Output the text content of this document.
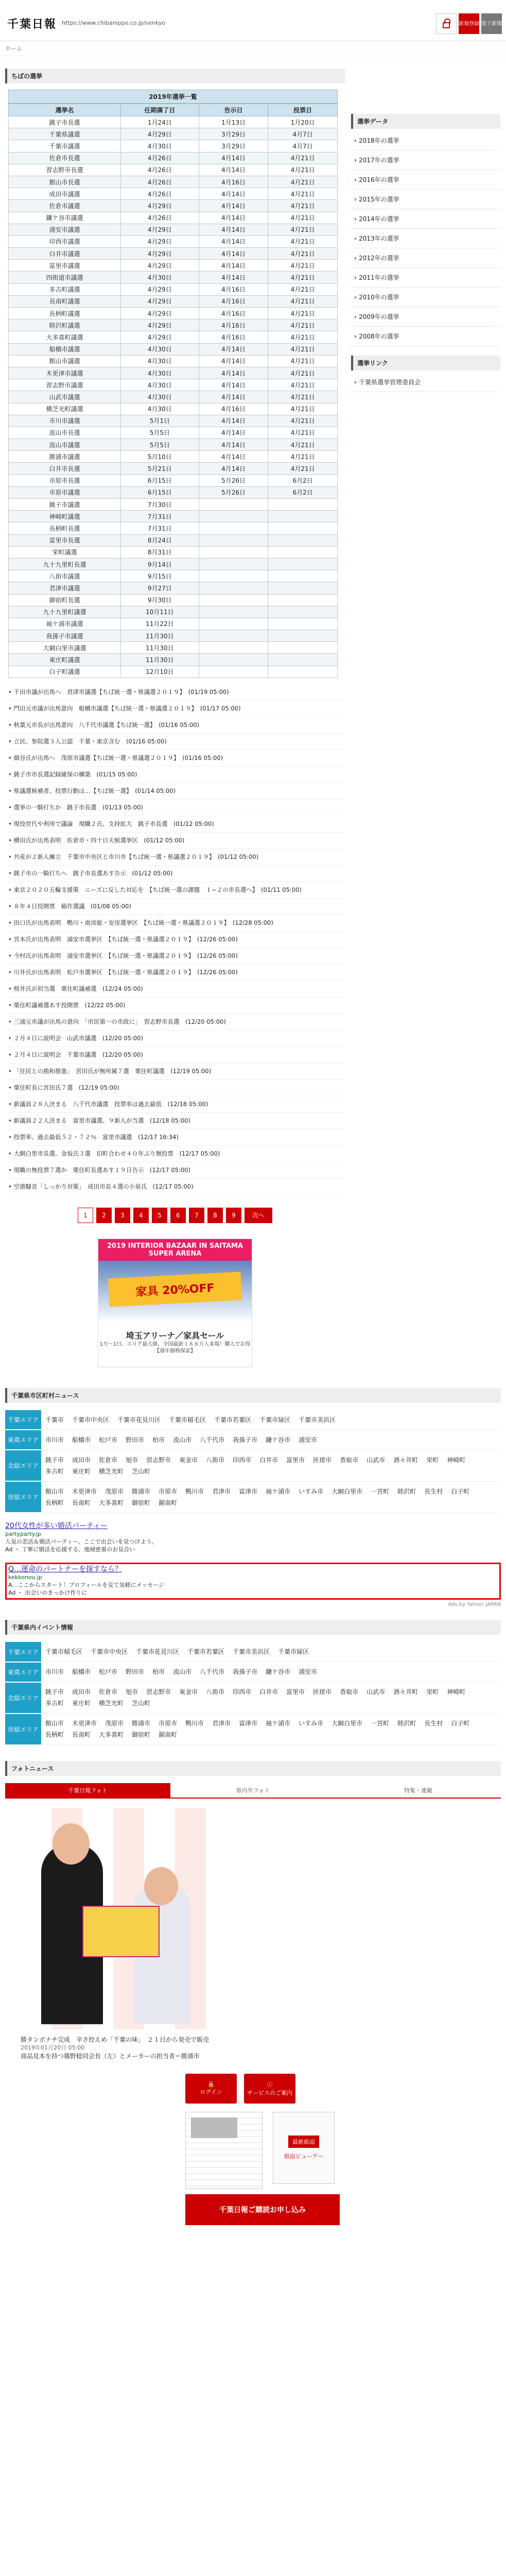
千葉日報 https://www.chibanippo.co.jp/senkyo	新規登録 電子新聞
ホーム
ちばの選挙
2019年選挙一覧
選挙名	任期満了日	告示日	投票日
銚子市長選	1月24日	1月13日	1月20日
千葉県議選	4月29日	3月29日	4月7日
千葉市議選	4月30日	3月29日	4月7日
佐倉市長選	4月26日	4月14日	4月21日
習志野市長選	4月26日	4月14日	4月21日
館山市長選	4月26日	4月16日	4月21日
成田市議選	4月26日	4月14日	4月21日
佐倉市議選	4月29日	4月14日	4月21日
鎌ケ谷市議選	4月26日	4月14日	4月21日
浦安市議選	4月29日	4月14日	4月21日
印西市議選	4月29日	4月14日	4月21日
白井市議選	4月29日	4月14日	4月21日
富里市議選	4月29日	4月14日	4月21日
四街道市議選	4月30日	4月14日	4月21日
多古町議選	4月29日	4月16日	4月21日
長南町議選	4月29日	4月16日	4月21日
長柄町議選	4月29日	4月16日	4月21日
睦沢町議選	4月29日	4月16日	4月21日
大多喜町議選	4月29日	4月16日	4月21日
船橋市議選	4月30日	4月14日	4月21日
館山市議選	4月30日	4月14日	4月21日
木更津市議選	4月30日	4月14日	4月21日
習志野市議選	4月30日	4月14日	4月21日
山武市議選	4月30日	4月14日	4月21日
横芝光町議選	4月30日	4月16日	4月21日
市川市議選	5月1日	4月14日	4月21日
流山市長選	5月5日	4月14日	4月21日
流山市議選	5月5日	4月14日	4月21日
勝浦市議選	5月10日	4月14日	4月21日
白井市長選	5月21日	4月14日	4月21日
市原市長選	6月15日	5月26日	6月2日
市原市議選	6月15日	5月26日	6月2日
銚子市議選	7月30日		
神崎町議選	7月31日		
長柄町長選	7月31日		
富里市長選	8月24日		
栄町議選	8月31日		
九十九里町長選	9月14日		
八街市議選	9月15日		
君津市議選	9月27日		
御宿町長選	9月30日		
九十九里町議選	10月11日		
袖ケ浦市議選	11月22日		
我孫子市議選	11月30日		
大網白里市議選	11月30日		
東庄町議選	11月30日		
白子町議選	12月10日		
• 千田市議が出馬へ　君津市議選【ちば統一選・県議選２０１９】　(01/19 05:00)
• 門田元市議が出馬意向　船橋市議選【ちば統一選・県議選２０１９】　(01/17 05:00)
• 秋葉元市長が出馬意向　八千代市議選【ちば統一選】　(01/16 05:00)
• 立民、参院選３人公認　千葉・東京含む　(01/16 05:00)
• 細谷氏が出馬へ　茂原市議選【ちば統一選・県議選２０１９】　(01/16 05:00)
• 銚子市市長選記録確保の構築　(01/15 05:00)
• 県議選候補者、投票行動は…【ちば統一選】　(01/14 05:00)
• 選挙の一騎打ちか　銚子市長選　(01/13 05:00)
• 現役世代や利用で議論　現職２氏、支持拡大　銚子市長選　(01/12 05:00)
• 横田氏が出馬表明　佐倉市・四十日天候選挙区　(01/12 05:00)
• 共産が２新人擁立　千葉市中央区と市川市【ちば統一選・県議選２０１９】　(01/12 05:00)
• 銚子市の一騎打ちへ　銚子市長選あす告示　(01/12 05:00)
• 東京２０２０五輪支援策　ニーズに反した対応を　【ちば統一選の課題　１−２の市長選へ】　(01/11 05:00)
• ８年４日投開票　稲作選議　(01/08 05:00)
• 田口氏が出馬表明　鴨川・南房総・安房選挙区　【ちば統一選・県議選２０１９】　(12/28 05:00)
• 宮本氏が出馬表明　浦安市選挙区　【ちば統一選・県議選２０１９】　(12/26 05:00)
• 今村氏が出馬表明　浦安市選挙区　【ちば統一選・県議選２０１９】　(12/26 05:00)
• 川井氏が出馬表明　松戸市選挙区　【ちば統一選・県議選２０１９】　(12/26 05:00)
• 桜井氏が初当選　栗住町議補選　(12/24 05:00)
• 栗住町議補選あす投開票　(12/22 05:00)
• 三浦元市議が出馬の意向　「市民第一の市政に」　習志野市長選　(12/20 05:00)
• ２月４日に説明会　山武市議選　(12/20 05:00)
• ２月４日に説明会　千葉市議選　(12/20 05:00)
• 「住民との勘和推進」　宮田氏が無所属７選　栗住町議選　(12/19 05:00)
• 栗住町長に宮田氏７選　(12/19 05:00)
• 新議員２８人決まる　八千代市議選　投票率は過去最低　(12/18 05:00)
• 新議員２２人決まる　富里市議選、９新人が当選　(12/18 05:00)
• 投票率、過去最低５２・７２％　富里市議選　(12/17 16:34)
• 大網白里市長選、金坂氏３選　旧町合わせ４０年ぶり無投票　(12/17 05:00)
• 現職の無投票７選か　栗住町長選あす１９日告示　(12/17 05:00)
• 空港騒音「しっかり対策」　成田市長４選の小泉氏　(12/17 05:00)
1	2	3	4	5	6	7	8	9	次へ
2019 INTERIOR BAZAAR IN SAITAMA SUPER ARENA
家具 20%OFF
埼玉アリーナ／家具セール
1月〜1日、エリア最大級、全国最新１８８万人来場！購入でお得【通年価格保証】
選挙データ
› 2018年の選挙
› 2017年の選挙
› 2016年の選挙
› 2015年の選挙
› 2014年の選挙
› 2013年の選挙
› 2012年の選挙
› 2011年の選挙
› 2010年の選挙
› 2009年の選挙
› 2008年の選挙
選挙リンク
› 千葉県選挙管理委員会
千葉県市区町村ニュース
千葉エリア	千葉市 千葉市中央区 千葉市花見川区 千葉市稲毛区 千葉市若葉区 千葉市緑区 千葉市美浜区
東葛エリア	市川市 船橋市 松戸市 野田市 柏市 流山市 八千代市 我孫子市 鎌ケ谷市 浦安市
北総エリア	銚子市 成田市 佐倉市 旭市 習志野市 東金市 八街市 印西市 白井市 富里市 匝瑳市 香取市 山武市 酒々井町 栄町 神崎町多古町 東庄町 横芝光町 芝山町
房総エリア	館山市 木更津市 茂原市 勝浦市 市原市 鴨川市 君津市 富津市 袖ケ浦市 いすみ市 大網白里市 一宮町 睦沢町 長生村 白子町長柄町 長南町 大多喜町 御宿町 鋸南町
20代女性が多い婚活パーティー
partyparty.jp
人気の恋活＆婚活パーティー。ここで出会いを見つけよう。
Ad ・ 丁寧に婚活を応援する、地域密着のお見合い
Q…運命のパートナーを探すなら？
kekkonou.jp
A…ここからスタート！プロフィールを見て気軽にメッセージ
Ad ・ 出会いのきっかけ作りに
Ads by Yahoo! JAPAN
千葉県内イベント情報
千葉エリア	千葉市稲毛区 千葉市中央区 千葉市花見川区 千葉市若葉区 千葉市美浜区 千葉市緑区
東葛エリア	市川市 船橋市 松戸市 野田市 柏市 流山市 八千代市 我孫子市 鎌ケ谷市 浦安市
北総エリア	銚子市 成田市 佐倉市 旭市 習志野市 東金市 八街市 印西市 白井市 富里市 匝瑳市 香取市 山武市 酒々井町 栄町 神崎町多古町 東庄町 横芝光町 芝山町
房総エリア	館山市 木更津市 茂原市 勝浦市 市原市 鴨川市 君津市 富津市 袖ケ浦市 いすみ市 大網白里市 一宮町 睦沢町 長生村 白子町長柄町 長南町 大多喜町 御宿町 鋸南町
フォトニュース
千葉日報フォト	県内外フォト	特集・連載
勝タンポナチ完成　辛さ控えめ「千葉の味」　２１日から発売で販売
2019年01月20日 05:00
商品見本を持つ篠野稔同会長（左）とメーカーの担当者＝勝浦市
🔒
ログイン
ⓘ
サービスのご案内
最新紙面
紙面ビューアー
千葉日報ご購読お申し込み
